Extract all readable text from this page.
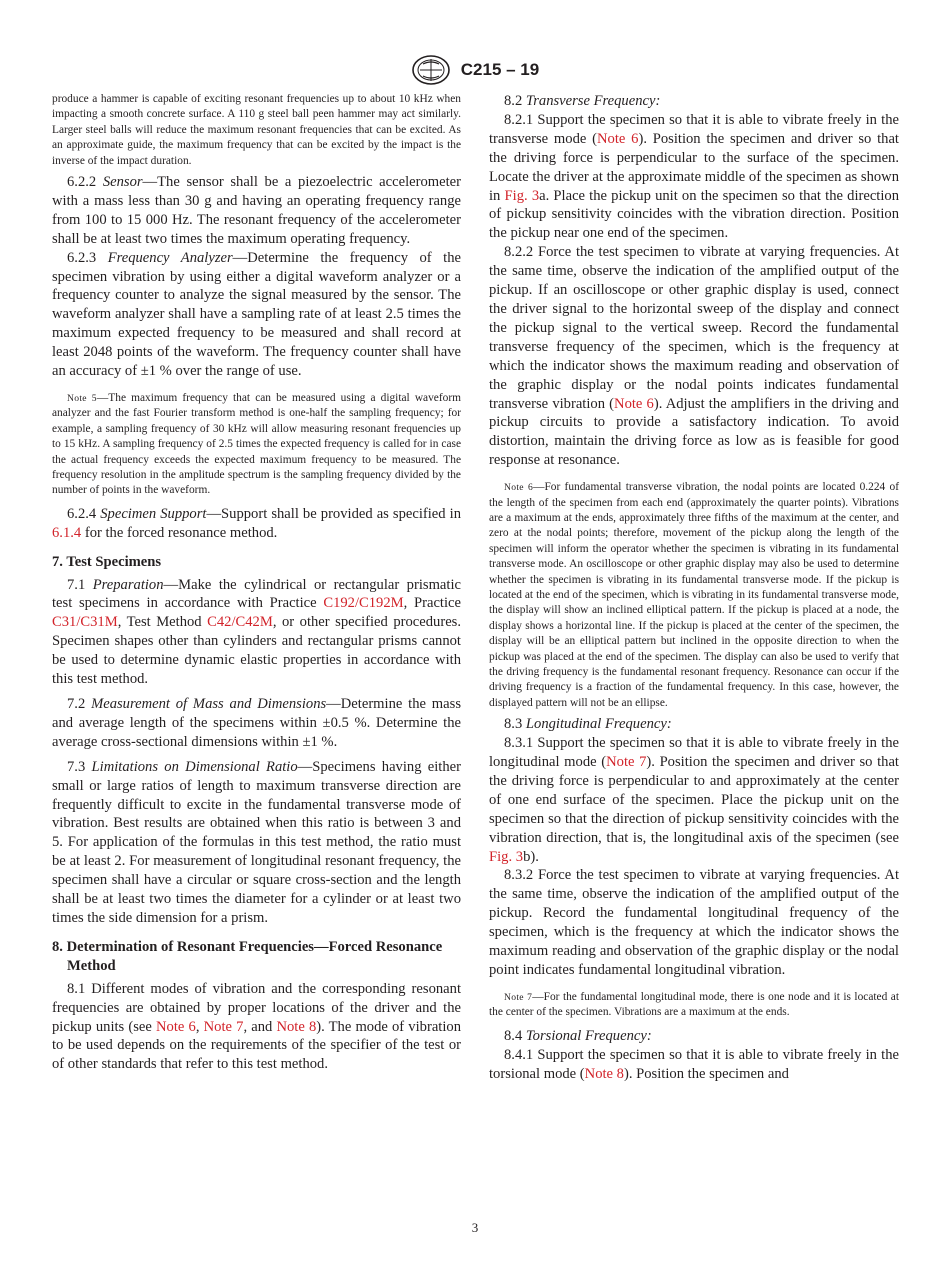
C215 – 19

produce a hammer is capable of exciting resonant frequencies up to about 10 kHz when impacting a smooth concrete surface. A 110 g steel ball peen hammer may act similarly. Larger steel balls will reduce the maximum resonant frequencies that can be excited. As an approximate guide, the maximum frequency that can be excited by the impact is the inverse of the impact duration.

6.2.2 Sensor—The sensor shall be a piezoelectric accelerometer with a mass less than 30 g and having an operating frequency range from 100 to 15 000 Hz. The resonant frequency of the accelerometer shall be at least two times the maximum operating frequency.

6.2.3 Frequency Analyzer—Determine the frequency of the specimen vibration by using either a digital waveform analyzer or a frequency counter to analyze the signal measured by the sensor. The waveform analyzer shall have a sampling rate of at least 2.5 times the maximum expected frequency to be measured and shall record at least 2048 points of the waveform. The frequency counter shall have an accuracy of ±1 % over the range of use.

Note 5—The maximum frequency that can be measured using a digital waveform analyzer and the fast Fourier transform method is one-half the sampling frequency; for example, a sampling frequency of 30 kHz will allow measuring resonant frequencies up to 15 kHz. A sampling frequency of 2.5 times the expected frequency is called for in case the actual frequency exceeds the expected maximum frequency to be measured. The frequency resolution in the amplitude spectrum is the sampling frequency divided by the number of points in the waveform.

6.2.4 Specimen Support—Support shall be provided as specified in 6.1.4 for the forced resonance method.

7. Test Specimens

7.1 Preparation—Make the cylindrical or rectangular prismatic test specimens in accordance with Practice C192/C192M, Practice C31/C31M, Test Method C42/C42M, or other specified procedures. Specimen shapes other than cylinders and rectangular prisms cannot be used to determine dynamic elastic properties in accordance with this test method.

7.2 Measurement of Mass and Dimensions—Determine the mass and average length of the specimens within ±0.5 %. Determine the average cross-sectional dimensions within ±1 %.

7.3 Limitations on Dimensional Ratio—Specimens having either small or large ratios of length to maximum transverse direction are frequently difficult to excite in the fundamental transverse mode of vibration. Best results are obtained when this ratio is between 3 and 5. For application of the formulas in this test method, the ratio must be at least 2. For measurement of longitudinal resonant frequency, the specimen shall have a circular or square cross-section and the length shall be at least two times the diameter for a cylinder or at least two times the side dimension for a prism.

8. Determination of Resonant Frequencies—Forced Resonance Method

8.1 Different modes of vibration and the corresponding resonant frequencies are obtained by proper locations of the driver and the pickup units (see Note 6, Note 7, and Note 8). The mode of vibration to be used depends on the requirements of the specifier of the test or of other standards that refer to this test method.

8.2 Transverse Frequency:

8.2.1 Support the specimen so that it is able to vibrate freely in the transverse mode (Note 6). Position the specimen and driver so that the driving force is perpendicular to the surface of the specimen. Locate the driver at the approximate middle of the specimen as shown in Fig. 3a. Place the pickup unit on the specimen so that the direction of pickup sensitivity coincides with the vibration direction. Position the pickup near one end of the specimen.

8.2.2 Force the test specimen to vibrate at varying frequencies. At the same time, observe the indication of the amplified output of the pickup. If an oscilloscope or other graphic display is used, connect the driver signal to the horizontal sweep of the display and connect the pickup signal to the vertical sweep. Record the fundamental transverse frequency of the specimen, which is the frequency at which the indicator shows the maximum reading and observation of the graphic display or the nodal points indicates fundamental transverse vibration (Note 6). Adjust the amplifiers in the driving and pickup circuits to provide a satisfactory indication. To avoid distortion, maintain the driving force as low as is feasible for good response at resonance.

Note 6—For fundamental transverse vibration, the nodal points are located 0.224 of the length of the specimen from each end (approximately the quarter points). Vibrations are a maximum at the ends, approximately three fifths of the maximum at the center, and zero at the nodal points; therefore, movement of the pickup along the length of the specimen will inform the operator whether the specimen is vibrating in its fundamental transverse mode. An oscilloscope or other graphic display may also be used to determine whether the specimen is vibrating in its fundamental transverse mode. If the pickup is located at the end of the specimen, which is vibrating in its fundamental transverse mode, the display will show an inclined elliptical pattern. If the pickup is placed at a node, the display shows a horizontal line. If the pickup is placed at the center of the specimen, the display will be an elliptical pattern but inclined in the opposite direction to when the pickup was placed at the end of the specimen. The display can also be used to verify that the driving frequency is the fundamental resonant frequency. Resonance can occur if the driving frequency is a fraction of the fundamental frequency. In this case, however, the displayed pattern will not be an ellipse.

8.3 Longitudinal Frequency:

8.3.1 Support the specimen so that it is able to vibrate freely in the longitudinal mode (Note 7). Position the specimen and driver so that the driving force is perpendicular to and approximately at the center of one end surface of the specimen. Place the pickup unit on the specimen so that the direction of pickup sensitivity coincides with the vibration direction, that is, the longitudinal axis of the specimen (see Fig. 3b).

8.3.2 Force the test specimen to vibrate at varying frequencies. At the same time, observe the indication of the amplified output of the pickup. Record the fundamental longitudinal frequency of the specimen, which is the frequency at which the indicator shows the maximum reading and observation of the graphic display or the nodal point indicates fundamental longitudinal vibration.

Note 7—For the fundamental longitudinal mode, there is one node and it is located at the center of the specimen. Vibrations are a maximum at the ends.

8.4 Torsional Frequency:

8.4.1 Support the specimen so that it is able to vibrate freely in the torsional mode (Note 8). Position the specimen and

3
